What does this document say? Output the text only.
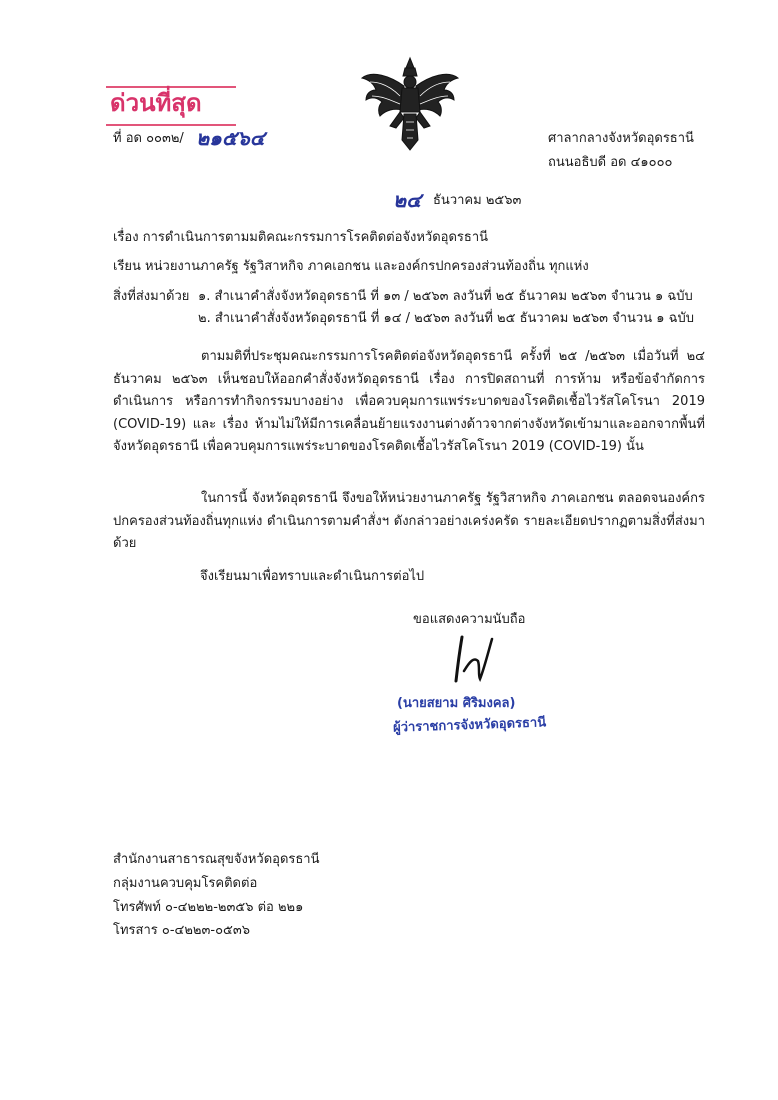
ด่วนที่สุด
ที่ อด ๐๐๓๒/ ๒๑๕๖๔	ศาลากลางจังหวัดอุดรธานี
ถนนอธิบดี อด ๔๑๐๐๐
๒๔ ธันวาคม ๒๕๖๓
เรื่อง การดำเนินการตามมติคณะกรรมการโรคติดต่อจังหวัดอุดรธานี
เรียน หน่วยงานภาครัฐ รัฐวิสาหกิจ ภาคเอกชน และองค์กรปกครองส่วนท้องถิ่น ทุกแห่ง
สิ่งที่ส่งมาด้วย ๑. สำเนาคำสั่งจังหวัดอุดรธานี ที่ ๑๓ / ๒๕๖๓ ลงวันที่ ๒๕ ธันวาคม ๒๕๖๓ จำนวน ๑ ฉบับ
๒. สำเนาคำสั่งจังหวัดอุดรธานี ที่ ๑๔ / ๒๕๖๓ ลงวันที่ ๒๕ ธันวาคม ๒๕๖๓ จำนวน ๑ ฉบับ
ตามมติที่ประชุมคณะกรรมการโรคติดต่อจังหวัดอุดรธานี ครั้งที่ ๒๕ /๒๕๖๓ เมื่อวันที่ ๒๔ ธันวาคม ๒๕๖๓ เห็นชอบให้ออกคำสั่งจังหวัดอุดรธานี เรื่อง การปิดสถานที่ การห้าม หรือข้อจำกัดการดำเนินการ หรือการทำกิจกรรมบางอย่าง เพื่อควบคุมการแพร่ระบาดของโรคติดเชื้อไวรัสโคโรนา 2019 (COVID-19) และ เรื่อง ห้ามไม่ให้มีการเคลื่อนย้ายแรงงานต่างด้าวจากต่างจังหวัดเข้ามาและออกจากพื้นที่จังหวัดอุดรธานี เพื่อควบคุมการแพร่ระบาดของโรคติดเชื้อไวรัสโคโรนา 2019 (COVID-19) นั้น
ในการนี้ จังหวัดอุดรธานี จึงขอให้หน่วยงานภาครัฐ รัฐวิสาหกิจ ภาคเอกชน ตลอดจนองค์กรปกครองส่วนท้องถิ่นทุกแห่ง ดำเนินการตามคำสั่งฯ ดังกล่าวอย่างเคร่งครัด รายละเอียดปรากฏตามสิ่งที่ส่งมาด้วย
จึงเรียนมาเพื่อทราบและดำเนินการต่อไป
ขอแสดงความนับถือ
(นายสยาม ศิริมงคล)
ผู้ว่าราชการจังหวัดอุดรธานี
สำนักงานสาธารณสุขจังหวัดอุดรธานี
กลุ่มงานควบคุมโรคติดต่อ
โทรศัพท์ ๐-๔๒๒๒-๒๓๕๖ ต่อ ๒๒๑
โทรสาร ๐-๔๒๒๓-๐๕๓๖
